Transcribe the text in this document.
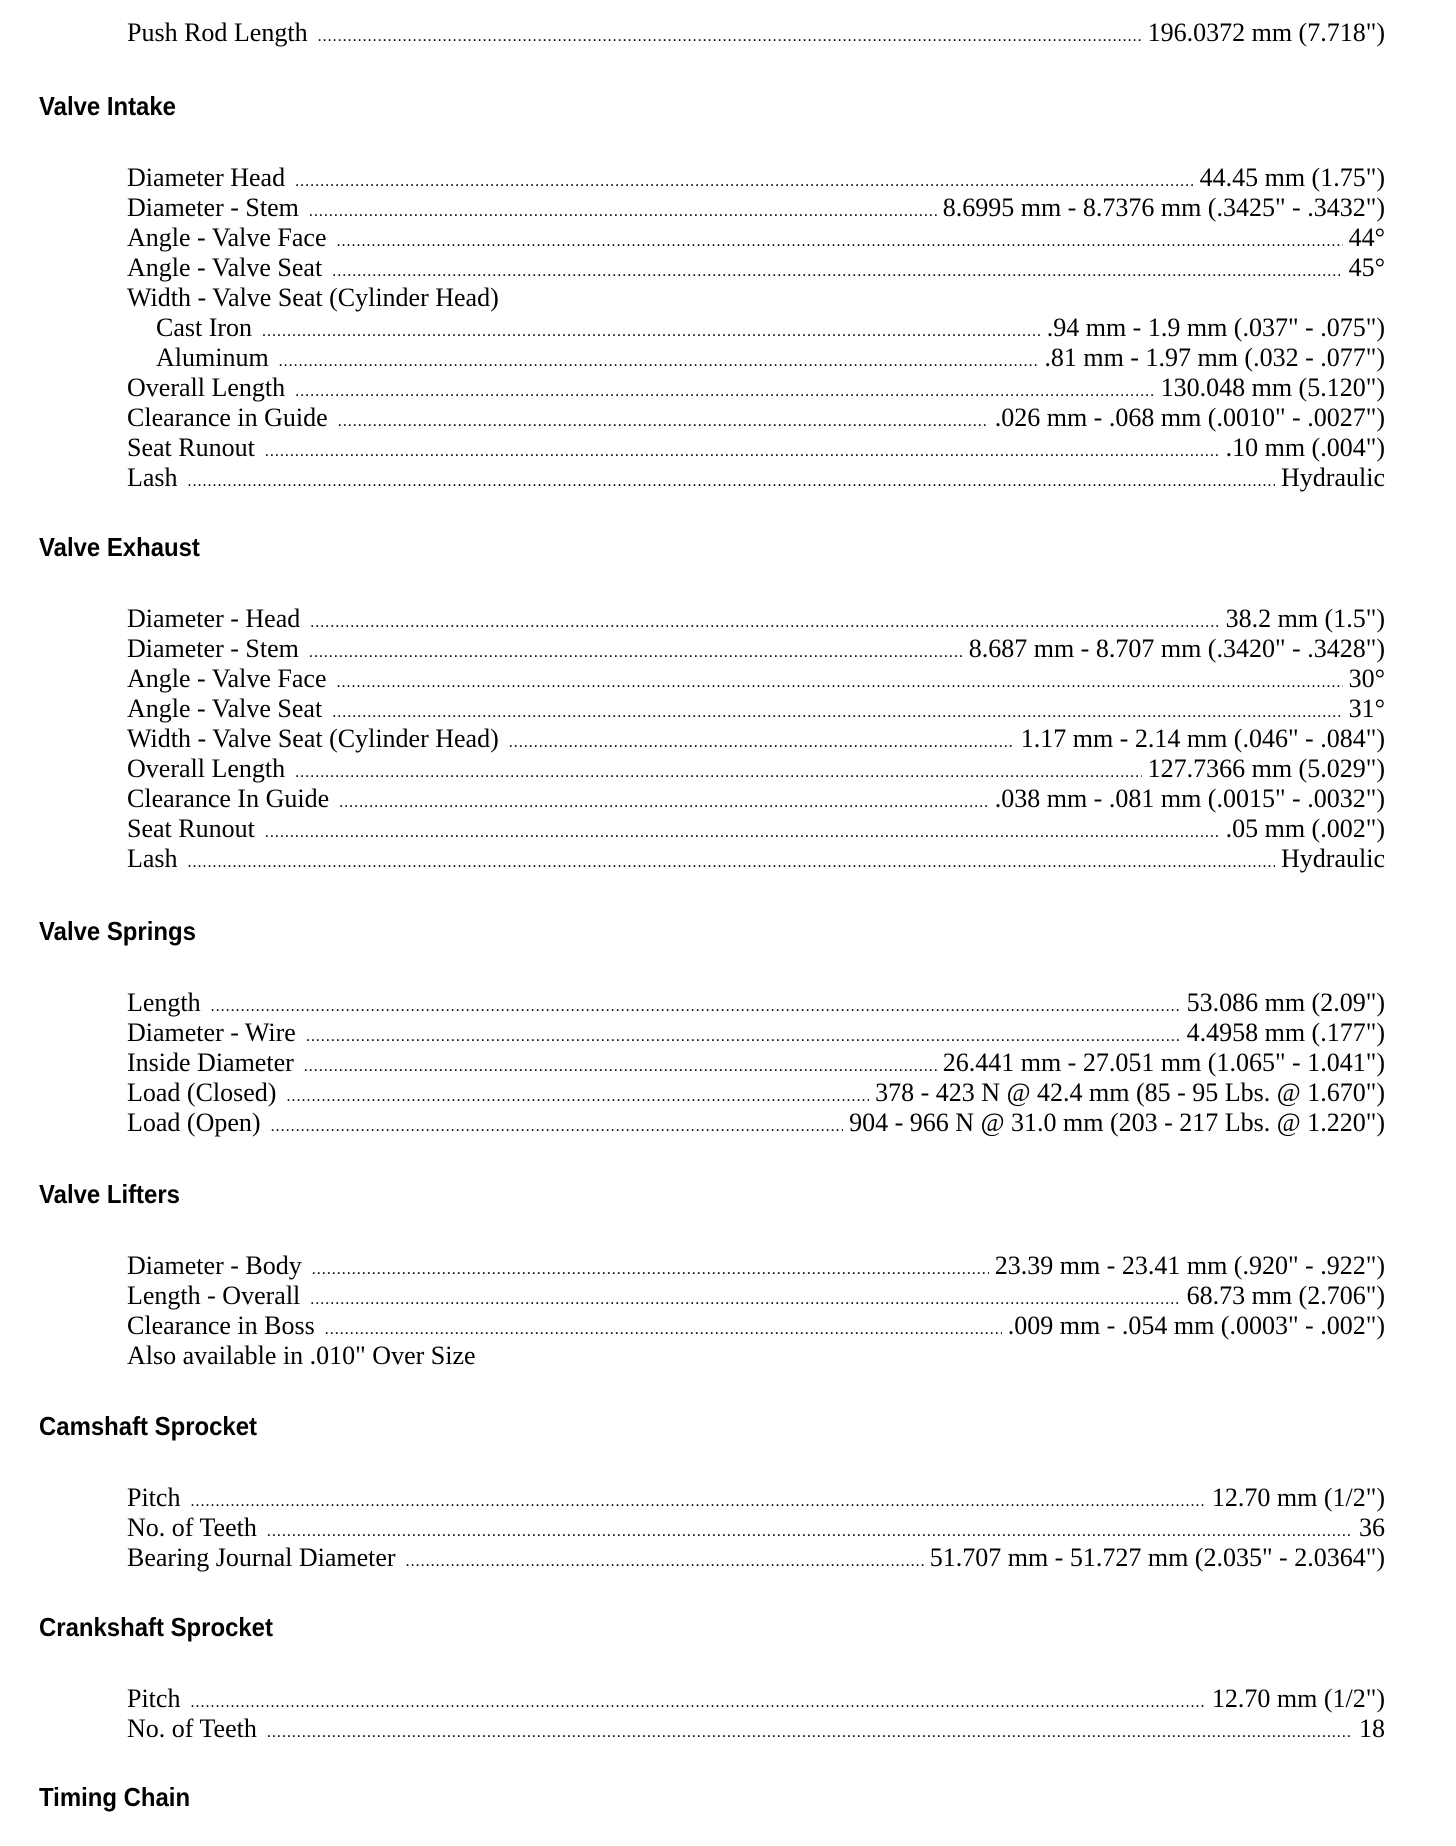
Push Rod Length .....	196.0372 mm (7.718")
Valve Intake
Diameter Head .....	44.45 mm (1.75")
Diameter - Stem .....	8.6995 mm - 8.7376 mm (.3425" - .3432")
Angle - Valve Face .....	44°
Angle - Valve Seat .....	45°
Width - Valve Seat (Cylinder Head)
Cast Iron .....	.94 mm - 1.9 mm (.037" - .075")
Aluminum .....	.81 mm - 1.97 mm (.032 - .077")
Overall Length .....	130.048 mm (5.120")
Clearance in Guide .....	.026 mm - .068 mm (.0010" - .0027")
Seat Runout .....	.10 mm (.004")
Lash .....	Hydraulic
Valve Exhaust
Diameter - Head .....	38.2 mm (1.5")
Diameter - Stem .....	8.687 mm - 8.707 mm (.3420" - .3428")
Angle - Valve Face .....	30°
Angle - Valve Seat .....	31°
Width - Valve Seat (Cylinder Head) .....	1.17 mm - 2.14 mm (.046" - .084")
Overall Length .....	127.7366 mm (5.029")
Clearance In Guide .....	.038 mm - .081 mm (.0015" - .0032")
Seat Runout .....	.05 mm (.002")
Lash .....	Hydraulic
Valve Springs
Length .....	53.086 mm (2.09")
Diameter - Wire .....	4.4958 mm (.177")
Inside Diameter .....	26.441 mm - 27.051 mm (1.065" - 1.041")
Load (Closed) .....	378 - 423 N @ 42.4 mm (85 - 95 Lbs. @ 1.670")
Load (Open) .....	904 - 966 N @ 31.0 mm (203 - 217 Lbs. @ 1.220")
Valve Lifters
Diameter - Body .....	23.39 mm - 23.41 mm (.920" - .922")
Length - Overall .....	68.73 mm (2.706")
Clearance in Boss .....	.009 mm - .054 mm (.0003" - .002")
Also available in .010" Over Size
Camshaft Sprocket
Pitch .....	12.70 mm (1/2")
No. of Teeth .....	36
Bearing Journal Diameter .....	51.707 mm - 51.727 mm (2.035" - 2.0364")
Crankshaft Sprocket
Pitch .....	12.70 mm (1/2")
No. of Teeth .....	18
Timing Chain
